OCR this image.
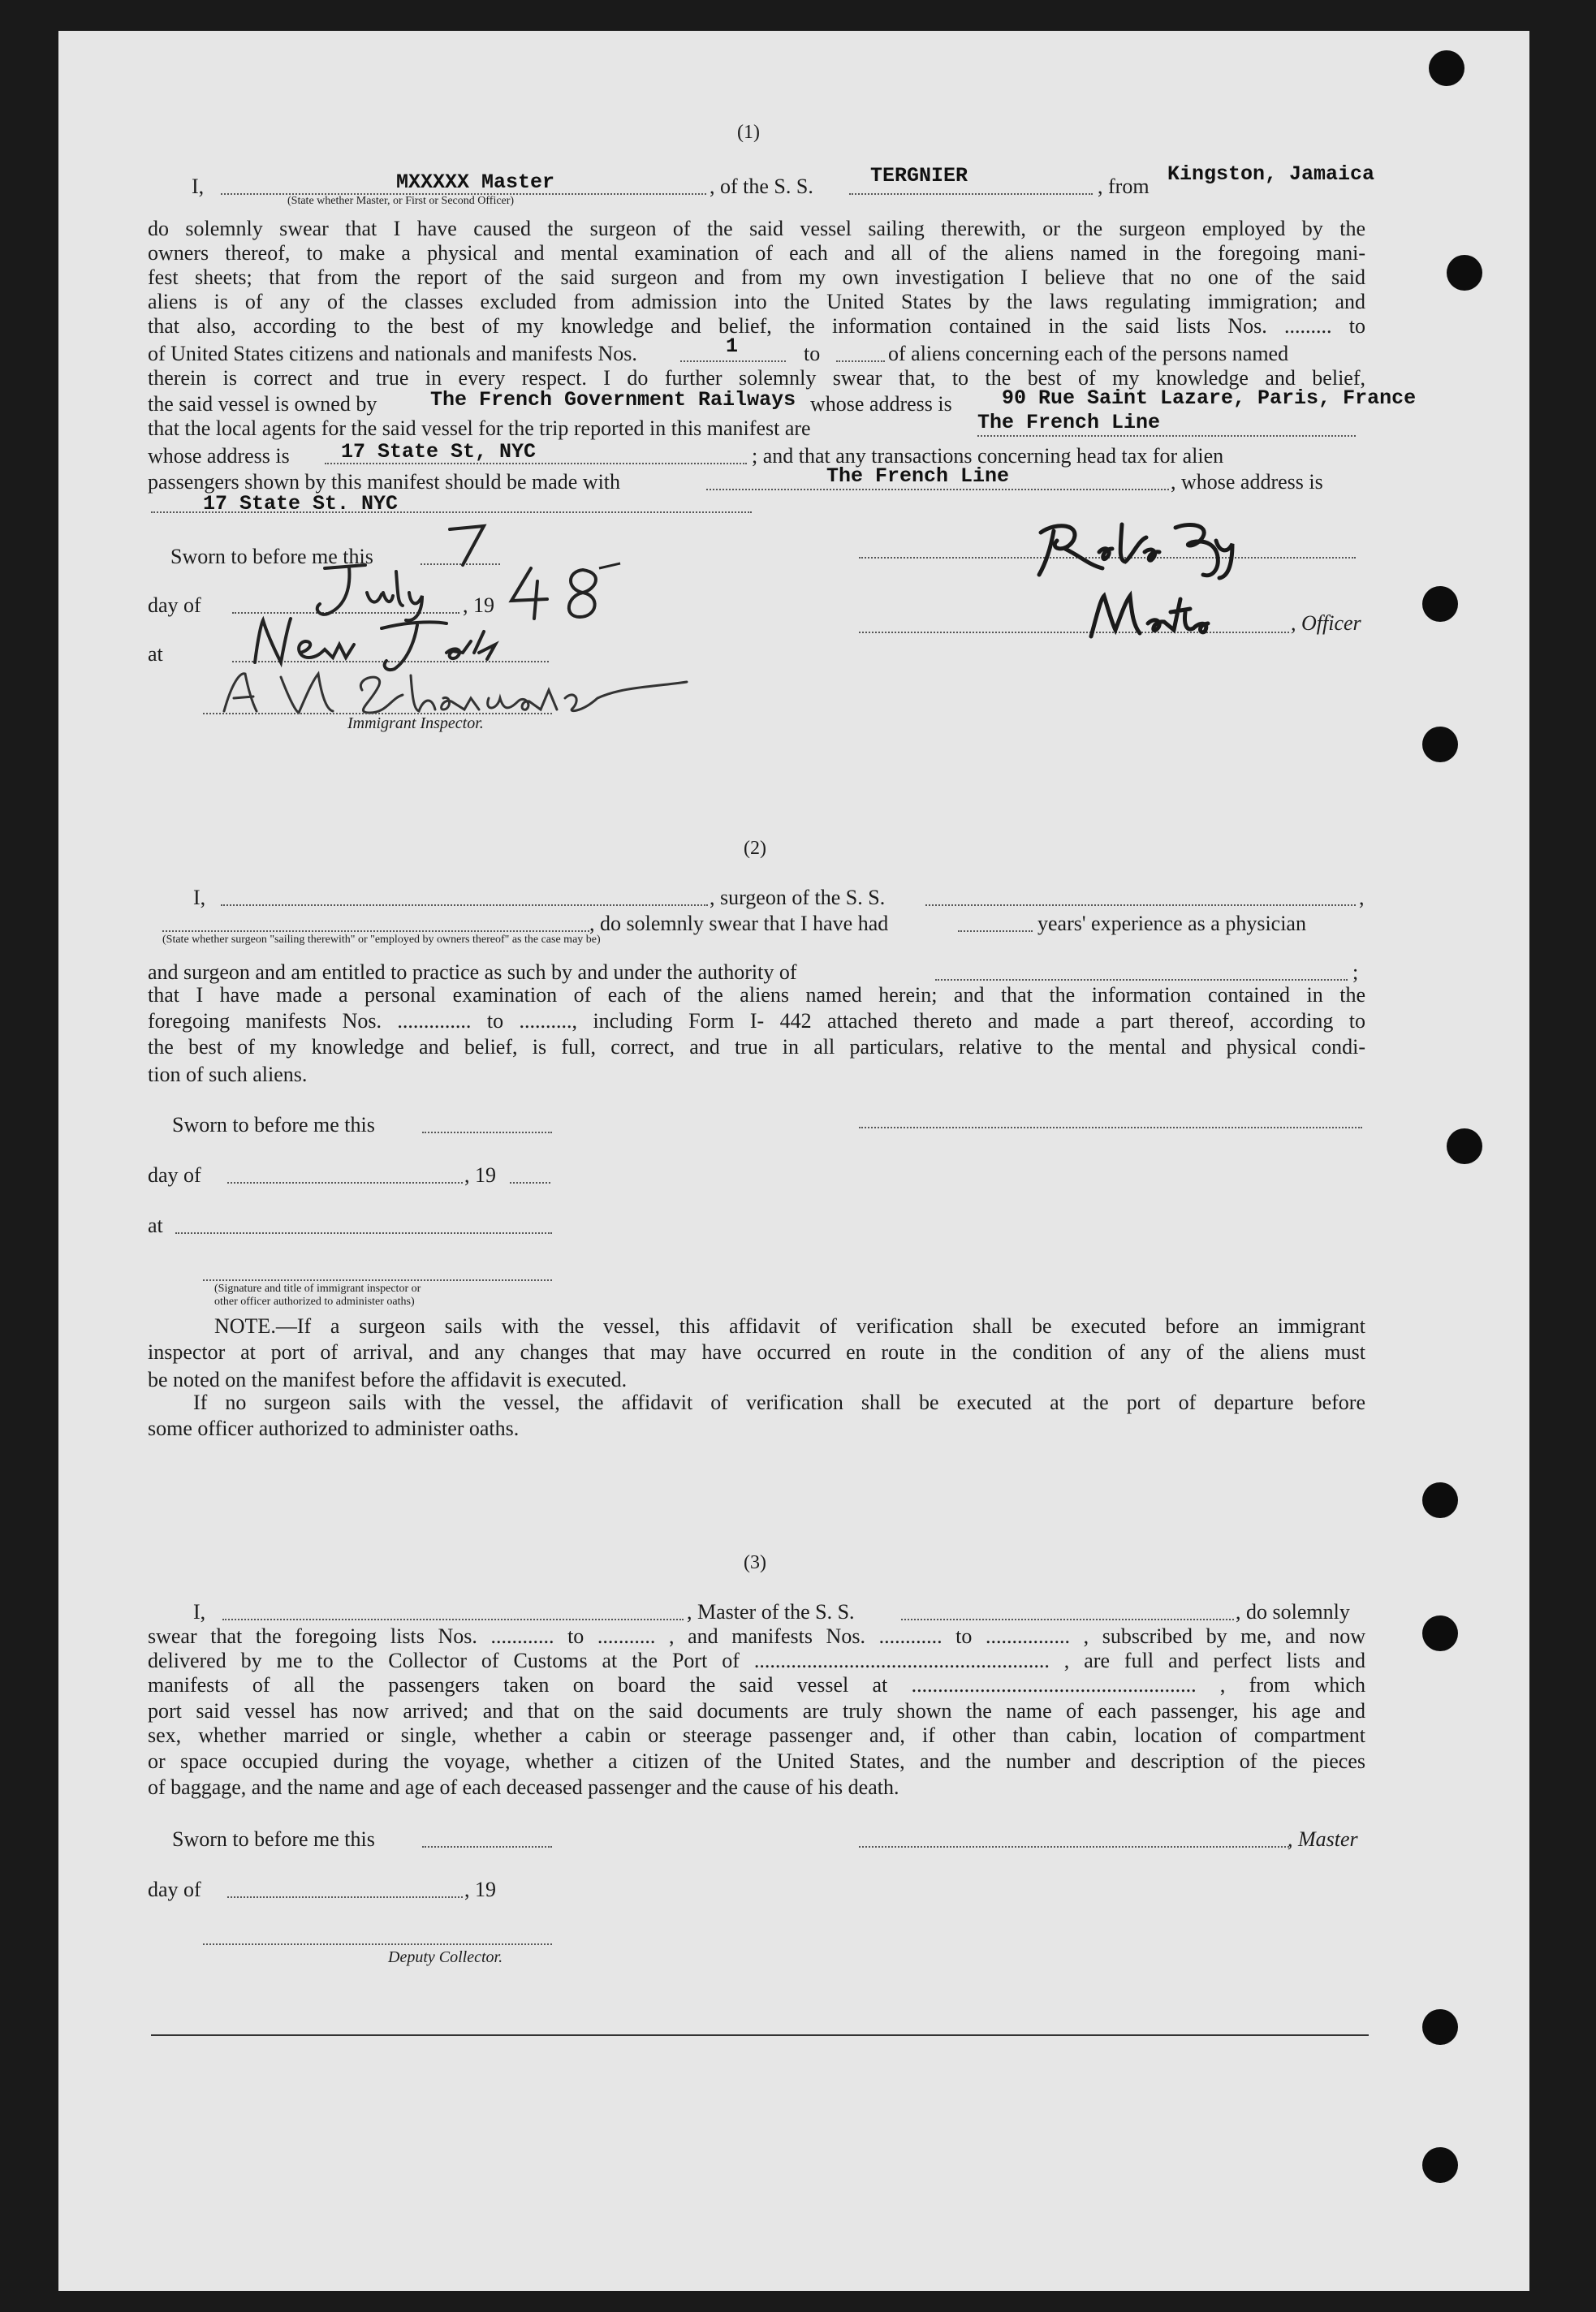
(1)
I,	MXXXXX Master
(State whether Master, or First or Second Officer)
, of the S. S.	TERGNIER	, from
Kingston, Jamaica
do solemnly swear that I have caused the surgeon of the said vessel sailing therewith, or the surgeon employed by the
owners thereof, to make a physical and mental examination of each and all of the aliens named in the foregoing mani-
fest sheets; that from the report of the said surgeon and from my own investigation I believe that no one of the said
aliens is of any of the classes excluded from admission into the United States by the laws regulating immigration; and
that also, according to the best of my knowledge and belief, the information contained in the said lists Nos. ......... to
of United States citizens and nationals and manifests Nos.	1	to	of aliens concerning each of the persons named
therein is correct and true in every respect. I do further solemnly swear that, to the best of my knowledge and belief,
the said vessel is owned by	The French Government Railways whose address is 90 Rue Saint Lazare, Paris, France
that the local agents for the said vessel for the trip reported in this manifest are	The French Line
whose address is	17 State St, NYC	; and that any transactions concerning head tax for alien
passengers shown by this manifest should be made with	The French Line	, whose address is
17 State St. NYC
Sworn to before me this
day of	, 19
at
Immigrant Inspector.
, Officer
(2)
I,	, surgeon of the S. S.	,
, do solemnly swear that I have had	years' experience as a physician
(State whether surgeon "sailing therewith" or "employed by owners thereof" as the case may be)
and surgeon and am entitled to practice as such by and under the authority of	;
that I have made a personal examination of each of the aliens named herein; and that the information contained in the
foregoing manifests Nos. .............. to .........., including Form I- 442 attached thereto and made a part thereof, according to
the best of my knowledge and belief, is full, correct, and true in all particulars, relative to the mental and physical condi-
tion of such aliens.
Sworn to before me this
day of	, 19
at
(Signature and title of immigrant inspector or
other officer authorized to administer oaths)
NOTE.—If a surgeon sails with the vessel, this affidavit of verification shall be executed before an immigrant
inspector at port of arrival, and any changes that may have occurred en route in the condition of any of the aliens must
be noted on the manifest before the affidavit is executed.
If no surgeon sails with the vessel, the affidavit of verification shall be executed at the port of departure before
some officer authorized to administer oaths.
(3)
I,	, Master of the S. S.	, do solemnly
swear that the foregoing lists Nos. ............ to ........... , and manifests Nos. ............ to ................ , subscribed by me, and now
delivered by me to the Collector of Customs at the Port of ........................................................ , are full and perfect lists and
manifests of all the passengers taken on board the said vessel at ...................................................... , from which
port said vessel has now arrived; and that on the said documents are truly shown the name of each passenger, his age and
sex, whether married or single, whether a cabin or steerage passenger and, if other than cabin, location of compartment
or space occupied during the voyage, whether a citizen of the United States, and the number and description of the pieces
of baggage, and the name and age of each deceased passenger and the cause of his death.
Sworn to before me this	, Master
day of	, 19
Deputy Collector.
